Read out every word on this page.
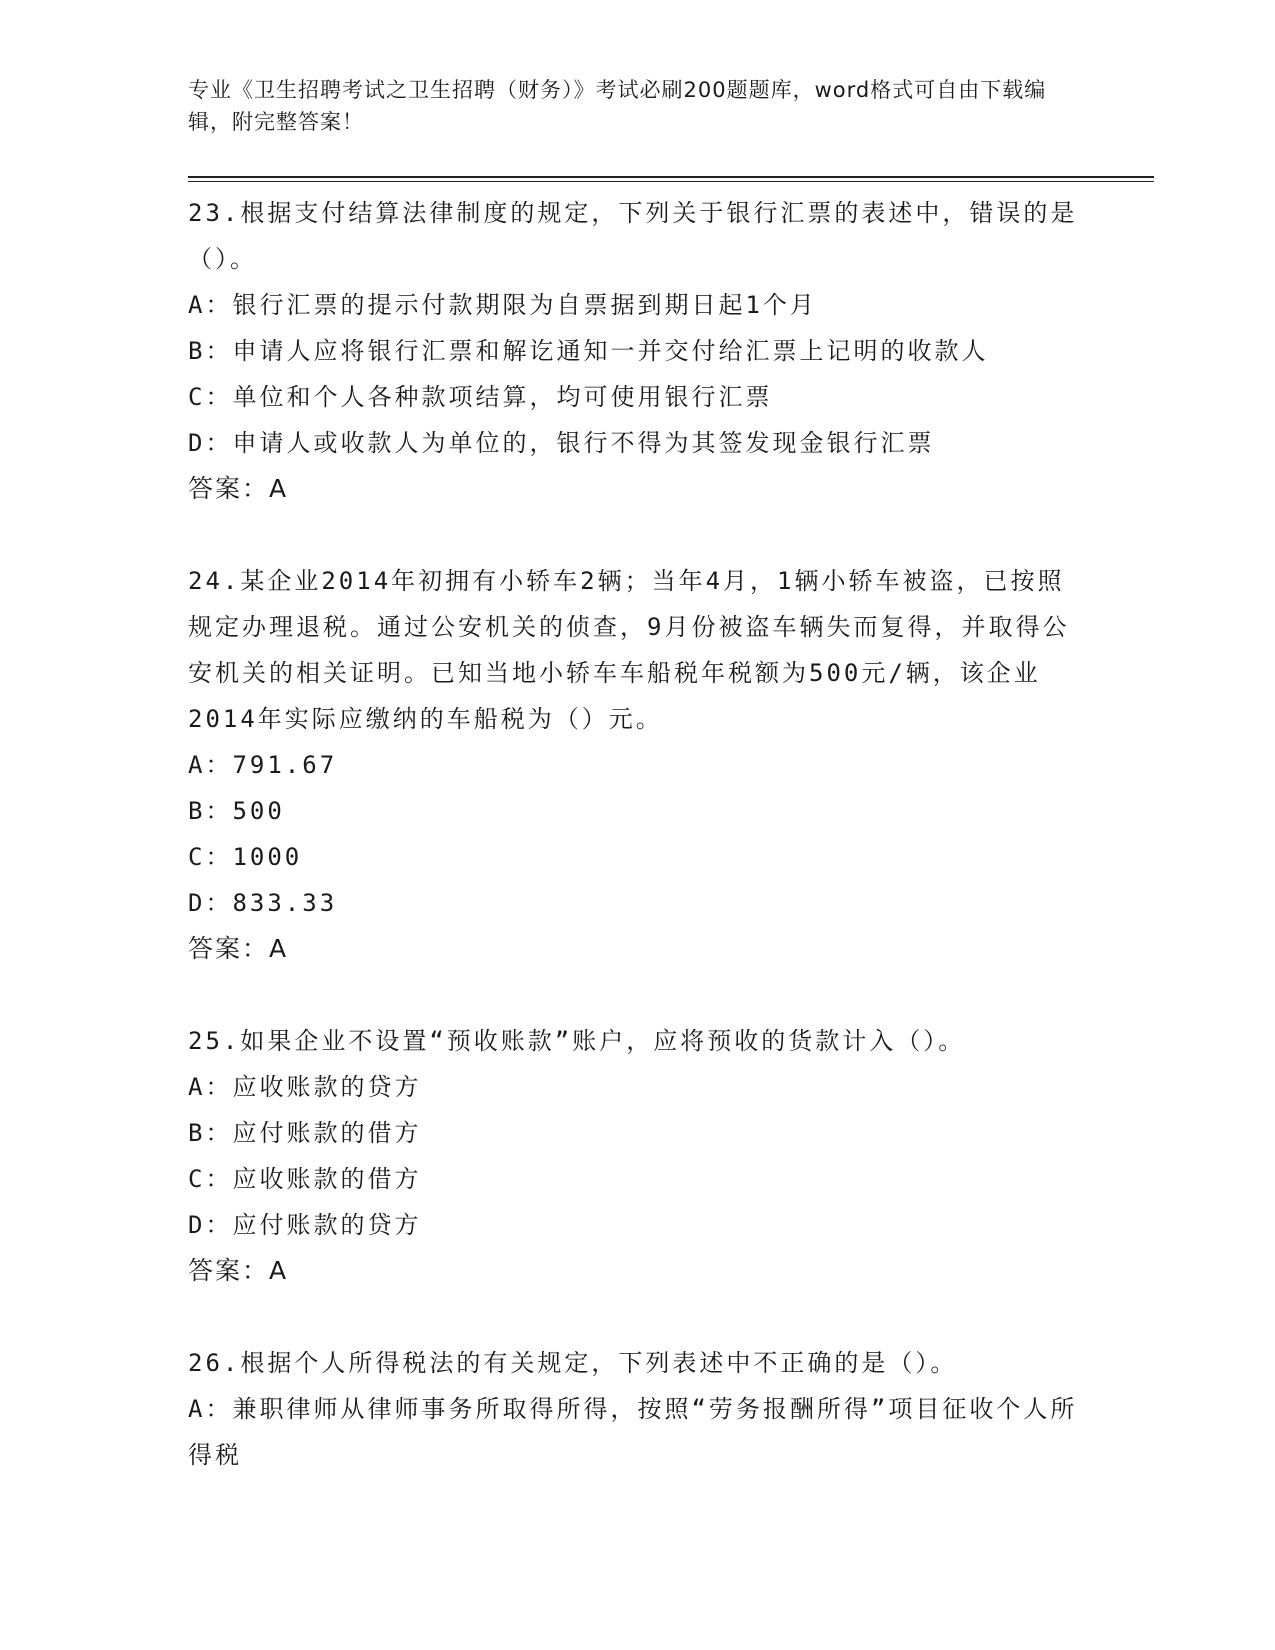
专业《卫生招聘考试之卫生招聘（财务）》考试必刷200题题库，word格式可自由下载编辑，附完整答案！
23.根据支付结算法律制度的规定，下列关于银行汇票的表述中，错误的是（）。
A：银行汇票的提示付款期限为自票据到期日起1个月
B：申请人应将银行汇票和解讫通知一并交付给汇票上记明的收款人
C：单位和个人各种款项结算，均可使用银行汇票
D：申请人或收款人为单位的，银行不得为其签发现金银行汇票
答案：A
24.某企业2014年初拥有小轿车2辆；当年4月，1辆小轿车被盗，已按照规定办理退税。通过公安机关的侦查，9月份被盗车辆失而复得，并取得公安机关的相关证明。已知当地小轿车车船税年税额为500元/辆，该企业2014年实际应缴纳的车船税为（）元。
A：791.67
B：500
C：1000
D：833.33
答案：A
25.如果企业不设置“预收账款”账户，应将预收的货款计入（）。
A：应收账款的贷方
B：应付账款的借方
C：应收账款的借方
D：应付账款的贷方
答案：A
26.根据个人所得税法的有关规定，下列表述中不正确的是（）。
A：兼职律师从律师事务所取得所得，按照“劳务报酬所得”项目征收个人所得税
